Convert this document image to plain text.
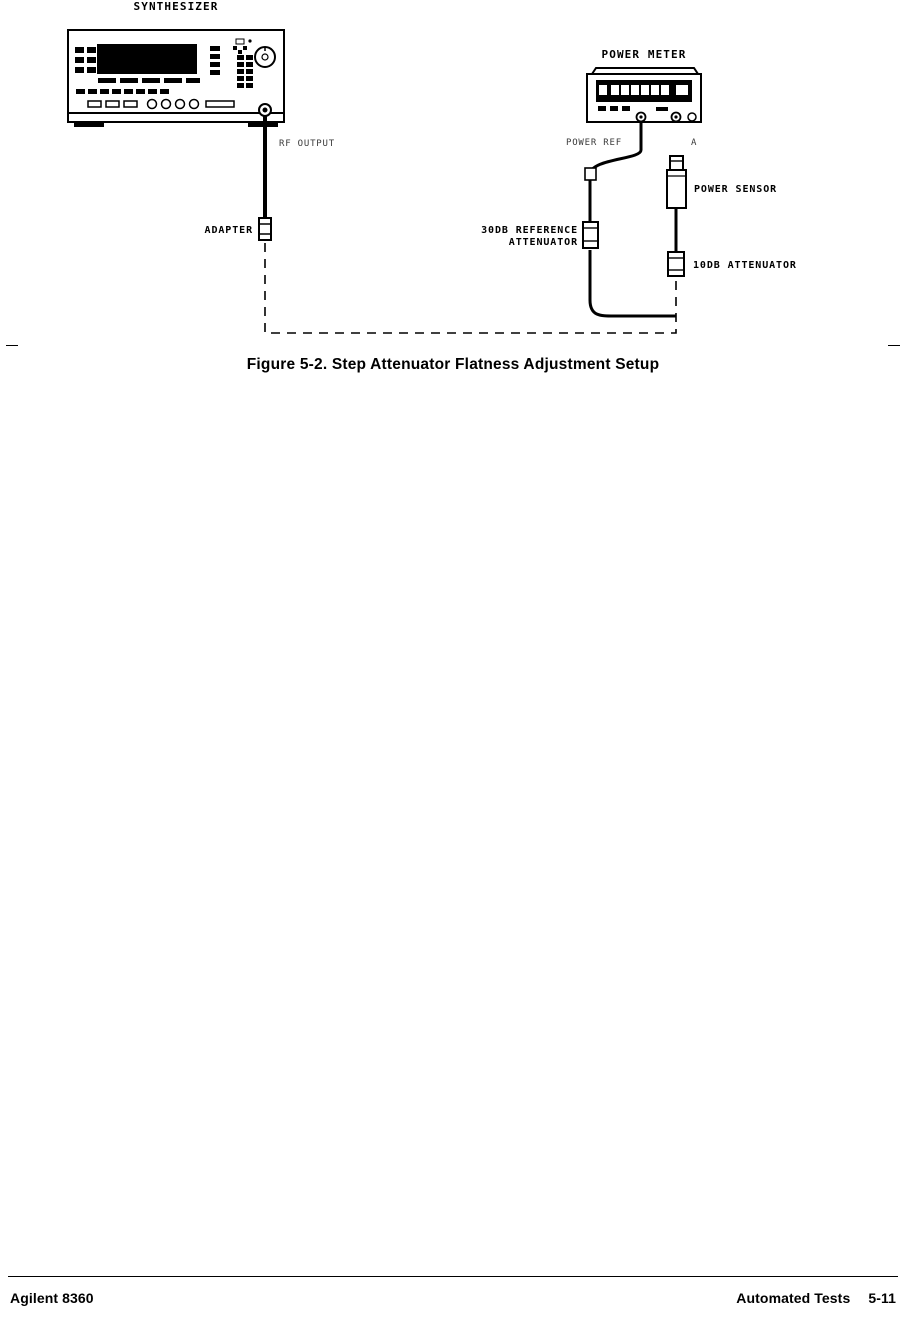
SYNTHESIZER
RF OUTPUT
ADAPTER
POWER METER
POWER REF	A
POWER SENSOR
10DB ATTENUATOR
30DB REFERENCE
ATTENUATOR
Figure 5-2. Step Attenuator Flatness Adjustment Setup
Agilent 8360	Automated Tests 5-11
